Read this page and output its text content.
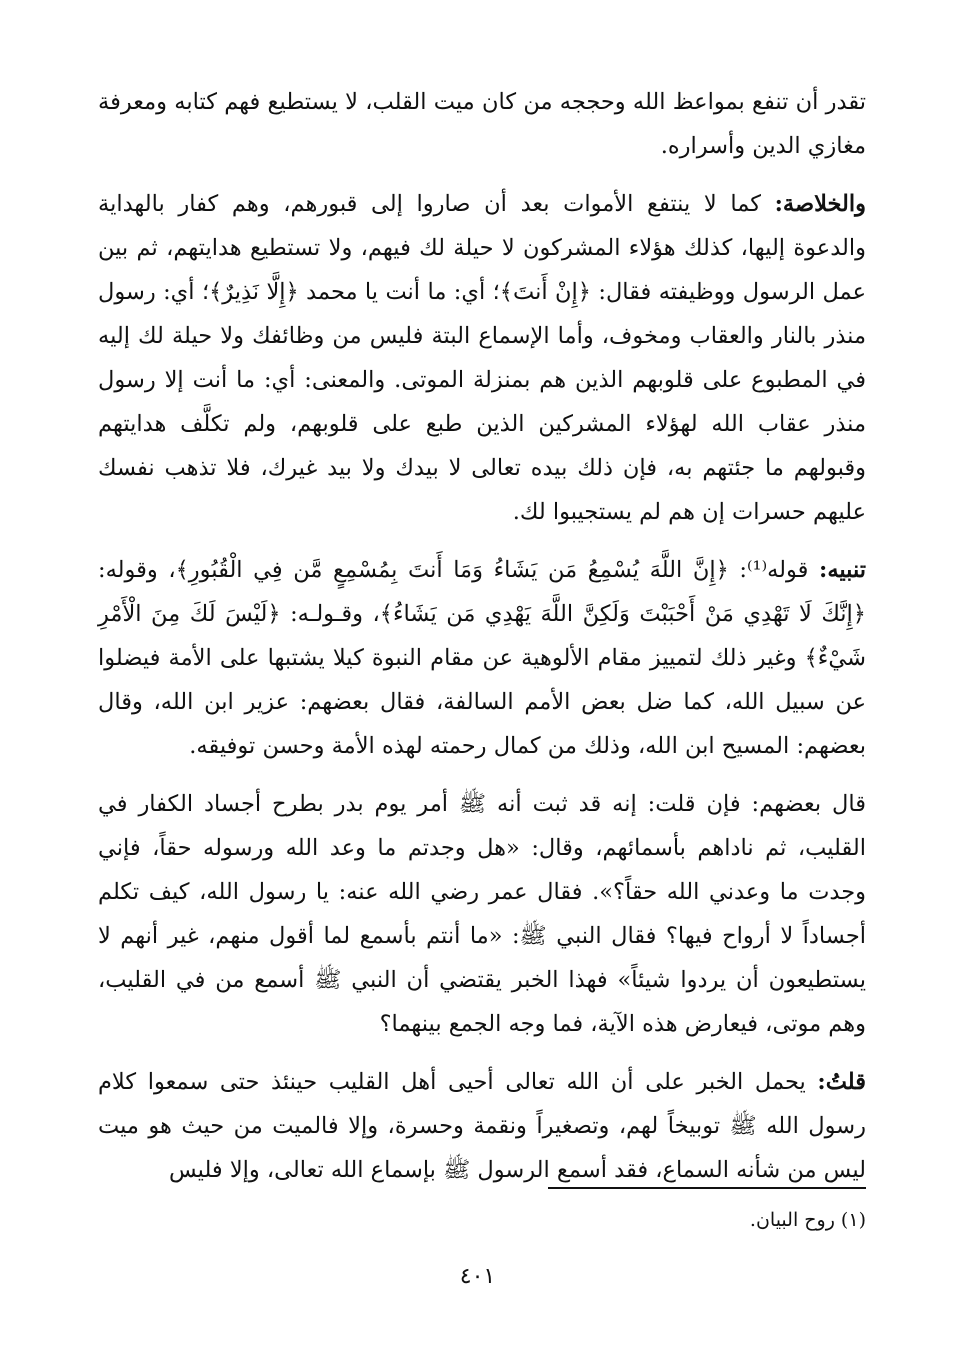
تقدر أن تنفع بمواعظ الله وحججه من كان ميت القلب، لا يستطيع فهم كتابه ومعرفة مغازي الدين وأسراره.

والخلاصة: كما لا ينتفع الأموات بعد أن صاروا إلى قبورهم، وهم كفار بالهداية والدعوة إليها، كذلك هؤلاء المشركون لا حيلة لك فيهم، ولا تستطيع هدايتهم، ثم بين عمل الرسول ووظيفته فقال: ﴿إِنْ أَنتَ﴾؛ أي: ما أنت يا محمد ﴿إِلَّا نَذِيرٌ﴾؛ أي: رسول منذر بالنار والعقاب ومخوف، وأما الإسماع البتة فليس من وظائفك ولا حيلة لك إليه في المطبوع على قلوبهم الذين هم بمنزلة الموتى. والمعنى: أي: ما أنت إلا رسول منذر عقاب الله لهؤلاء المشركين الذين طبع على قلوبهم، ولم تكلَّف هدايتهم وقبولهم ما جئتهم به، فإن ذلك بيده تعالى لا بيدك ولا بيد غيرك، فلا تذهب نفسك عليهم حسرات إن هم لم يستجيبوا لك.

تنبيه: قوله⁽¹⁾: ﴿إِنَّ اللَّهَ يُسْمِعُ مَن يَشَاءُ وَمَا أَنتَ بِمُسْمِعٍ مَّن فِي الْقُبُورِ﴾، وقوله: ﴿إِنَّكَ لَا تَهْدِي مَنْ أَحْبَبْتَ وَلَكِنَّ اللَّهَ يَهْدِي مَن يَشَاءُ﴾، وقـولـه: ﴿لَيْسَ لَكَ مِنَ الْأَمْرِ شَيْءٌ﴾ وغير ذلك لتمييز مقام الألوهية عن مقام النبوة كيلا يشتبها على الأمة فيضلوا عن سبيل الله، كما ضل بعض الأمم السالفة، فقال بعضهم: عزير ابن الله، وقال بعضهم: المسيح ابن الله، وذلك من كمال رحمته لهذه الأمة وحسن توفيقه.

قال بعضهم: فإن قلت: إنه قد ثبت أنه ﷺ أمر يوم بدر بطرح أجساد الكفار في القليب، ثم ناداهم بأسمائهم، وقال: «هل وجدتم ما وعد الله ورسوله حقاً، فإني وجدت ما وعدني الله حقاً؟». فقال عمر رضي الله عنه: يا رسول الله، كيف تكلم أجساداً لا أرواح فيها؟ فقال النبي ﷺ: «ما أنتم بأسمع لما أقول منهم، غير أنهم لا يستطيعون أن يردوا شيئاً» فهذا الخبر يقتضي أن النبي ﷺ أسمع من في القليب، وهم موتى، فيعارض هذه الآية، فما وجه الجمع بينهما؟

قلتُ: يحمل الخبر على أن الله تعالى أحيى أهل القليب حينئذ حتى سمعوا كلام رسول الله ﷺ توبيخاً لهم، وتصغيراً ونقمة وحسرة، وإلا فالميت من حيث هو ميت ليس من شأنه السماع، فقد أسمع الرسول ﷺ بإسماع الله تعالى، وإلا فليس

(١) روح البيان.
٤٠١
